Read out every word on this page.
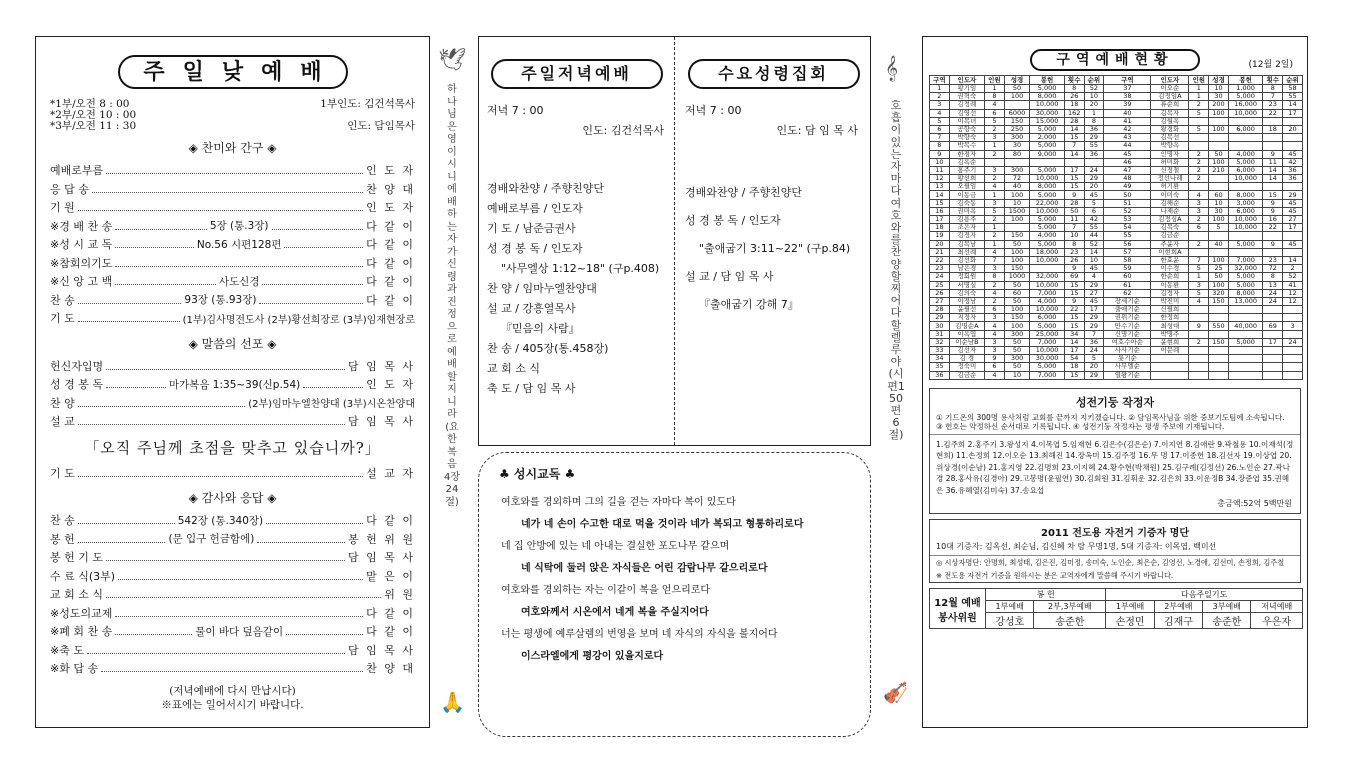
하나님은 영이시니 예배하는 자가 신령과 진정으로 예배할지니라 (요한복음 4장 24절)
🕊
🙏
𝄞
호흡이 있는 자마다 여호와를 찬양할찌어다 할렐루야 (시편150편 6절)
🎻
주일낮예배
*1부/오전 8 : 00
*2부/오전 10 : 00
*3부/오전 11 : 30
1부인도: 김건석목사

인도: 담임목사
◈ 찬미와 간구 ◈
예배로부름	인 도 자
응 답 송	찬 양 대
기 원	인 도 자
※경 배 찬 송	5장 (통.3장)	다 같 이
※성 시 교 독	No.56 시편128편	다 같 이
※참회의기도	다 같 이
※신 앙 고 백	사도신경	다 같 이
찬 송	93장 (통.93장)	다 같 이
기 도	(1부)김사명전도사 (2부)황선희장로 (3부)임재현장로
◈ 말씀의 선포 ◈
헌신자입명	담 임 목 사
성 경 봉 독	마가복음 1:35~39(신p.54)	인 도 자
찬 양	(2부)임마누엘찬양대 (3부)시온찬양대
설 교	담 임 목 사
「오직 주님께 초점을 맞추고 있습니까?」
기 도	설 교 자
◈ 감사와 응답 ◈
찬 송	542장 (통.340장)	다 같 이
봉 헌	(문 입구 헌금함에)	봉 헌 위 원
봉 헌 기 도	담 임 목 사
수 료 식(3부)	맡 은 이
교 회 소 식	위 원
※성도의교제	다 같 이
※폐 회 찬 송	물이 바다 덮음같이	다 같 이
※축 도	담 임 목 사
※화 답 송	찬 양 대
(저녁예배에 다시 만납시다)
※표에는 일어서시기 바랍니다.
주일저녁예배
저녁 7 : 00
인도: 김건석목사
경배와찬양 / 주향친양단
예배로부름 / 인도자
기 도 / 남준금권사
성 경 봉 독 / 인도자
"사무엘상 1:12~18" (구p.408)
찬 양 / 임마누엘찬양대
설 교 / 강흥열목사
『믿음의 사람』
찬 송 / 405장(통.458장)
교 회 소 식
축 도 / 담 임 목 사
수요성령집회
저녁 7 : 00
인도: 담 임 목 사
경배와찬양 / 주향친양단
성 경 봉 독 / 인도자
"출애굽기 3:11~22" (구p.84)
설 교 / 담 임 목 사
『출애굽기 강해 7』
♣ 성시교독 ♣
여호와를 경외하며 그의 길을 걷는 자마다 복이 있도다
네가 네 손이 수고한 대로 먹을 것이라 네가 복되고 형통하리로다
네 집 안방에 있는 네 아내는 결실한 포도나무 같으며
네 식탁에 둘러 앉은 자식들은 어린 감람나무 같으리로다
여호와를 경외하는 자는 이같이 복을 얻으리로다
여호와께서 시온에서 네게 복을 주실지어다
너는 평생에 예루살렘의 번영을 보며 네 자식의 자식을 볼지어다
이스라엘에게 평강이 있을지로다
구역예배현황	(12월 2일)
구역	인도자	인원	성경	봉헌	횟수	순위	구역	인도자	인원	성경	봉헌	횟수	순위
1	황기임	1	50	5,000	8	52	37	이오순	1	10	1,000	8	58
2	권혁숙	8	100	8,000	26	10	38	김정임A	1	30	5,000	7	55
3	김정례	4		10,000	18	20	39	류순희	2	200	16,000	23	14
4	김영선	6	6000	30,000	162	1	40	김복자	5	100	10,000	22	17
5	이복녀	5	150	15,000	28	8	41	김월옥					
6	공향숙	2	250	5,000	14	36	42	왕경화	5	100	6,000	18	20
7	박향숙	3	300	2,000	15	29	43	김복선					
8	박복수	1	30	5,000	7	55	44	박향옥					
9	한점자	2	80	9,000	14	36	45	인명자	2	50	4,000	9	45
10	김옥순						46	허미화	2	100	5,000	11	42
11	홍주기	3	300	5,000	17	24	47	신정철	2	210	6,000	14	36
12	황선희	2	72	10,000	15	29	48	정선나래	2		10,000	14	36
13	오필임	4	40	8,000	15	20	49	허기환					
14	이동금	1	100	5,000	9	45	50	이미숙	4	60	8,000	15	29
15	김숙동	3	10	22,000	28	5	51	김해순	3	10	3,000	9	45
16	권미옥	5	1500	10,000	50	6	52	나재순	3	30	6,000	9	45
17	김용주	2	100	5,000	11	42	53	김정심A	2	100	10,000	16	27
18	조은자	1		5,000	7	55	54	김복숙	6	5	10,000	22	17
19	김정자	2	150	4,000	10	44	55	김금순					
20	김복남	1	50	5,000	8	52	56	주윤자	2	40	5,000	9	45
21	최선례	4	100	18,000	23	14	57	이현희A					
22	김선화	7	100	10,000	26	10	58	한효윤	7	100	7,000	23	14
23	남은경	3	150		9	45	59	이수경	5	25	32,000	72	2
24	정회원	8	1000	32,000	69	4	60	한순희	1	50	5,000	8	52
25	서명실	2	50	10,000	15	29	61	이동환	3	100	5,000	13	41
26	김의숙	4	60	7,000	15	27	62	김정자	5	320	8,000	24	12
27	이정남	2	50	4,000	9	45	장세기순	박진미	4	150	13,000	24	12
28	윤필선	6	100	10,000	22	17	출애기순	신필희					
29	지정자	3	150	6,000	15	29	권위기순	한정희					
30	김명순A	4	100	5,000	15	29	만수기순	최성대	9	550	40,000	69	3
31	이옥엽	4	300	25,000	34	7	신명기순	박명주					
32	이순남B	3	50	7,000	14	36	여호수아순	윤현희	2	150	5,000	17	24
33	김선자	3	50	10,000	17	24	사사기순	이문례					
34	김 경	9	300	30,000	54	5	룻기순						
35	정숙미	6	50	5,000	18	20	사무엘순						
36	김금순	4	10	7,000	15	29	열왕기순						
성전기둥 작정자
① 기드온의 300명 용사처럼 교회를 끝까지 지키겠습니다. ② 담임목사님을 위한 중보기도팀에 소속됩니다.
③ 헌호는 약정하신 순서대로 기록됩니다. ④ 성전기둥 작정자는 평생 주보에 기재됩니다.
1.김주희 2.홍주기 3.왕성지 4.이목엽 5.임재현 6.김은수(김은순) 7.이지연 8.김애란 9.곽철용 10.이재석(정현희) 11.손정희 12.이오순 13.최해진 14.장옥미 15.김주정 16.무 명 17.이종헌 18.김선자 19.이상엽 20.위상경(이순남) 21.홍지영 22.김명희 23.이지혜 24.황수현(박채원) 25.김구례(김정선) 26.노인순 27.곽나경 28.홍사유(김경아) 29.고봉명(윤필연) 30.김회원 31.김휘운 32.김은희 33.이운정B 34.장준엽 35.권혜은 36.유혜열(김미숙) 37.송요섭
총금액:52억 5백만원
2011 전도용 자전거 기증자 명단
10대 기증자: 김옥선, 최순님, 김신혜 차 람 무명1명, 5대 기증자: 이목엽, 백미선
◎ 시상자명단: 안명희, 최성태, 김은진, 김미정, 송미숙, 노인순, 최은순, 김영선, 노경애, 김선미, 손정희, 김주철
※ 전도용 자전거 기증을 원하시는 분은 교역자에게 말씀해 주시기 바랍니다.
12월 예배
봉사위원	봉 헌		다음주일기도			
	1부예배	2부,3부예배	1부예배	2부예배	3부예배	저녁예배
	강성호	송준한	손정민	김재구	송준한	우은자
